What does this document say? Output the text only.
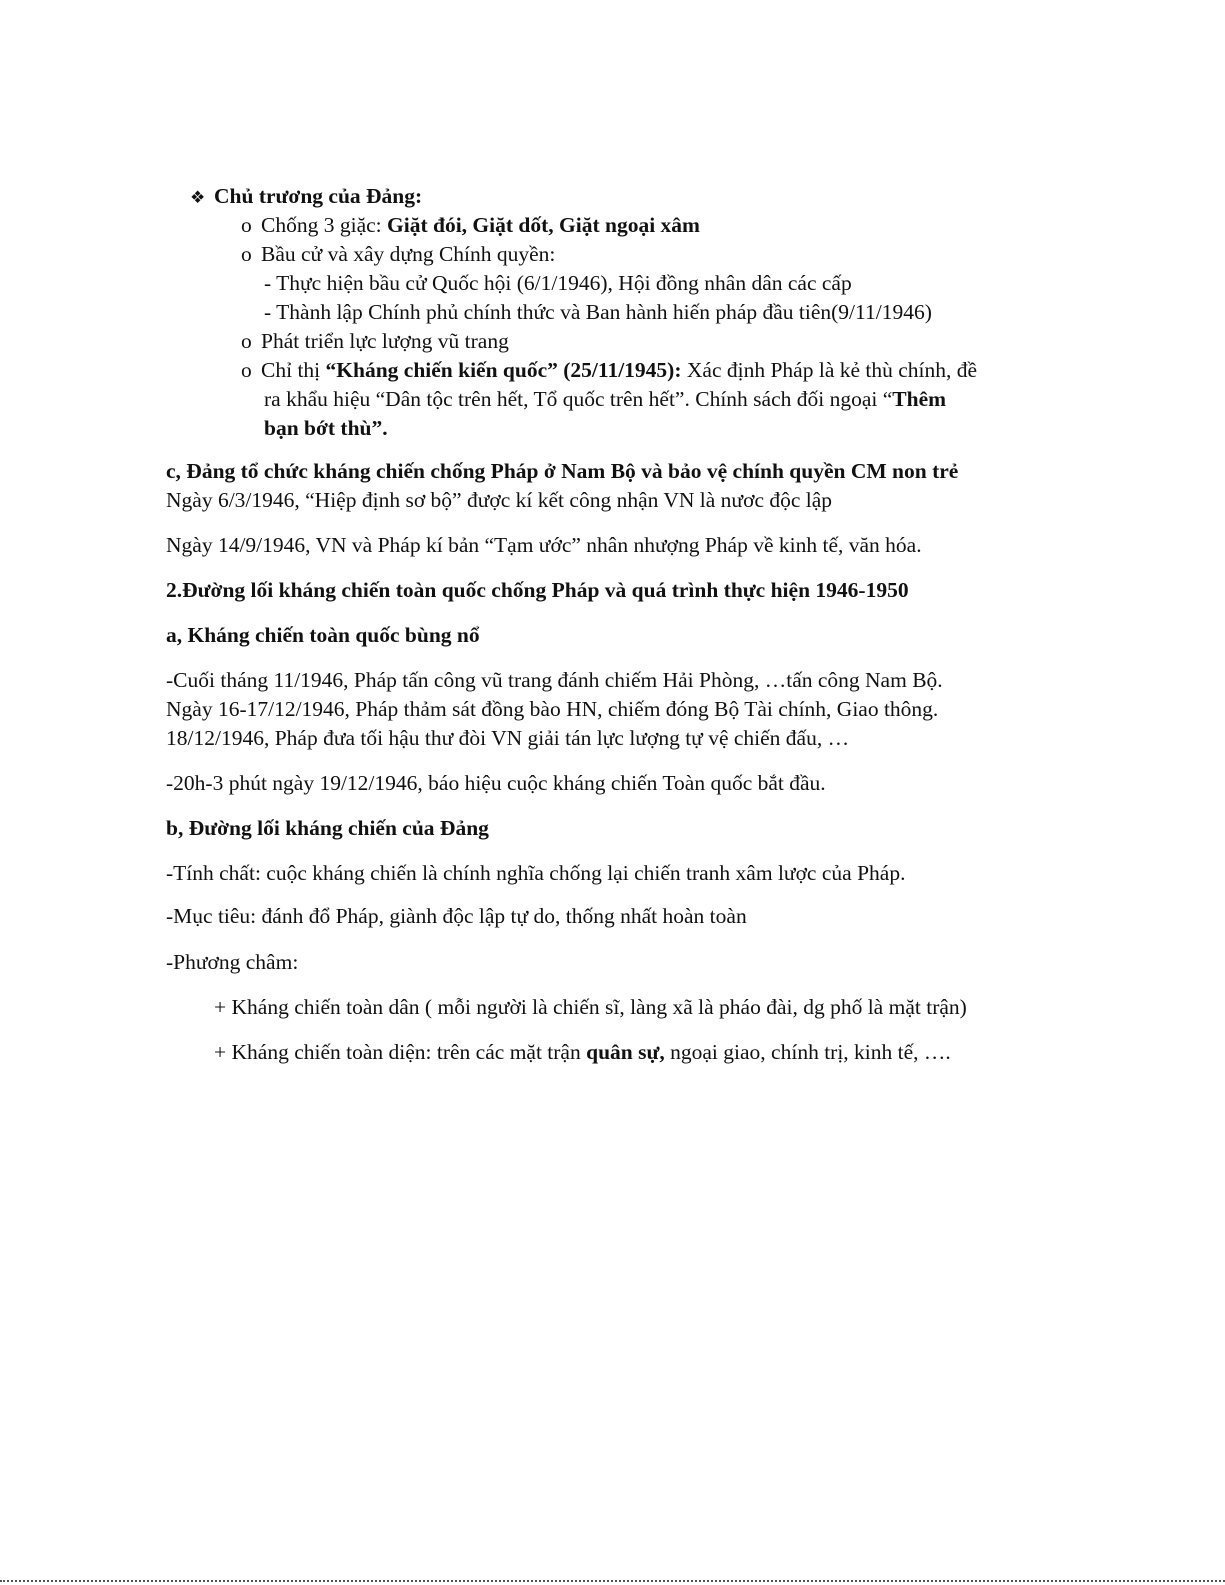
❖ Chủ trương của Đảng:
o Chống 3 giặc: Giặt đói, Giặt dốt, Giặt ngoại xâm
o Bầu cử và xây dựng Chính quyền:
- Thực hiện bầu cử Quốc hội (6/1/1946), Hội đồng nhân dân các cấp
- Thành lập Chính phủ chính thức và Ban hành hiến pháp đầu tiên(9/11/1946)
o Phát triển lực lượng vũ trang
o Chỉ thị “Kháng chiến kiến quốc” (25/11/1945): Xác định Pháp là kẻ thù chính, đề
ra khẩu hiệu “Dân tộc trên hết, Tổ quốc trên hết”. Chính sách đối ngoại “Thêm
bạn bớt thù”.
c, Đảng tổ chức kháng chiến chống Pháp ở Nam Bộ và bảo vệ chính quyền CM non trẻ
Ngày 6/3/1946, “Hiệp định sơ bộ” được kí kết công nhận VN là nươc độc lập
Ngày 14/9/1946, VN và Pháp kí bản “Tạm ước” nhân nhượng Pháp về kinh tế, văn hóa.
2.Đường lối kháng chiến toàn quốc chống Pháp và quá trình thực hiện 1946-1950
a, Kháng chiến toàn quốc bùng nổ
-Cuối tháng 11/1946, Pháp tấn công vũ trang đánh chiếm Hải Phòng, …tấn công Nam Bộ.
Ngày 16-17/12/1946, Pháp thảm sát đồng bào HN, chiếm đóng Bộ Tài chính, Giao thông.
18/12/1946, Pháp đưa tối hậu thư đòi VN giải tán lực lượng tự vệ chiến đấu, …
-20h-3 phút ngày 19/12/1946, báo hiệu cuộc kháng chiến Toàn quốc bắt đầu.
b, Đường lối kháng chiến của Đảng
-Tính chất: cuộc kháng chiến là chính nghĩa chống lại chiến tranh xâm lược của Pháp.
-Mục tiêu: đánh đổ Pháp, giành độc lập tự do, thống nhất hoàn toàn
-Phương châm:
+ Kháng chiến toàn dân ( mỗi người là chiến sĩ, làng xã là pháo đài, dg phố là mặt trận)
+ Kháng chiến toàn diện: trên các mặt trận quân sự, ngoại giao, chính trị, kinh tế, ….
